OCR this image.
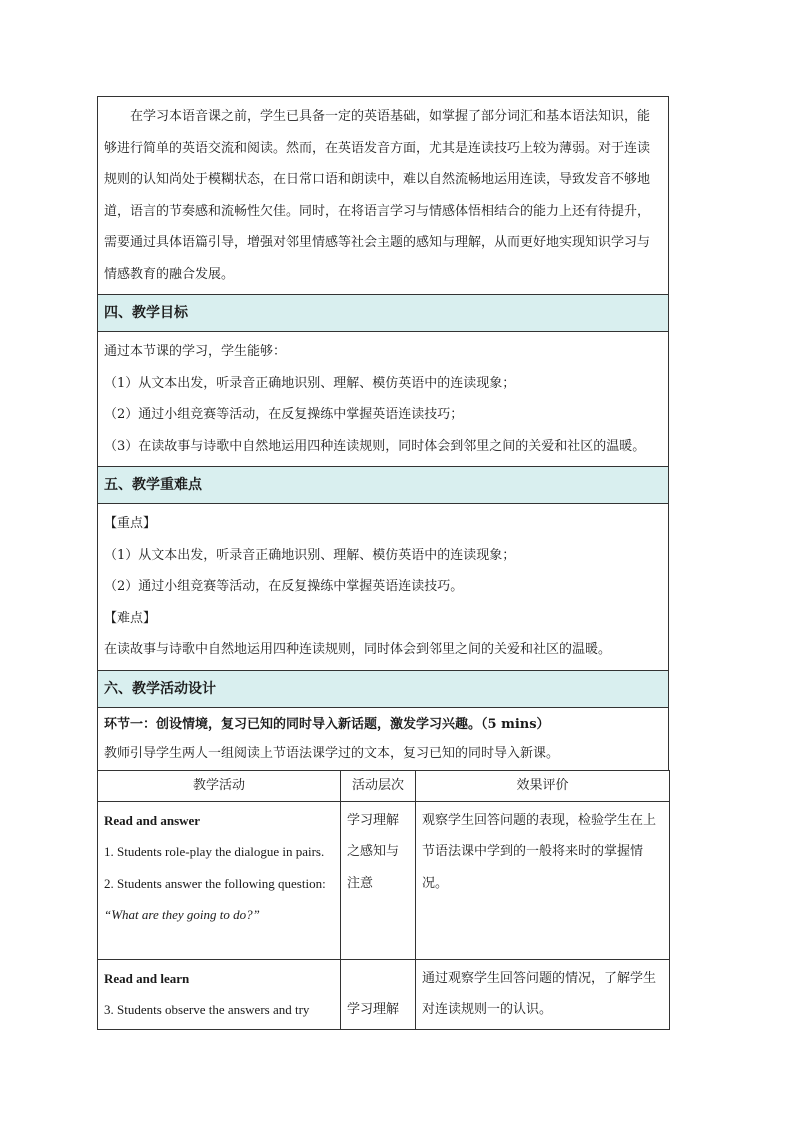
在学习本语音课之前，学生已具备一定的英语基础，如掌握了部分词汇和基本语法知识，能够进行简单的英语交流和阅读。然而，在英语发音方面，尤其是连读技巧上较为薄弱。对于连读规则的认知尚处于模糊状态，在日常口语和朗读中，难以自然流畅地运用连读，导致发音不够地道，语言的节奏感和流畅性欠佳。同时，在将语言学习与情感体悟相结合的能力上还有待提升，需要通过具体语篇引导，增强对邻里情感等社会主题的感知与理解，从而更好地实现知识学习与情感教育的融合发展。
四、教学目标
通过本节课的学习，学生能够：
（1）从文本出发，听录音正确地识别、理解、模仿英语中的连读现象；
（2）通过小组竞赛等活动，在反复操练中掌握英语连读技巧；
（3）在读故事与诗歌中自然地运用四种连读规则，同时体会到邻里之间的关爱和社区的温暖。
五、教学重难点
【重点】
（1）从文本出发，听录音正确地识别、理解、模仿英语中的连读现象；
（2）通过小组竞赛等活动，在反复操练中掌握英语连读技巧。
【难点】
在读故事与诗歌中自然地运用四种连读规则，同时体会到邻里之间的关爱和社区的温暖。
六、教学活动设计
环节一：创设情境，复习已知的同时导入新话题，激发学习兴趣。（5 mins）
教师引导学生两人一组阅读上节语法课学过的文本，复习已知的同时导入新课。
教学活动	活动层次	效果评价

Read and answer
1. Students role-play the dialogue in pairs.
2. Students answer the following question: “What are they going to do?”	学习理解之感知与注意	观察学生回答问题的表现，检验学生在上节语法课中学到的一般将来时的掌握情况。

Read and learn
3. Students observe the answers and try	学习理解	通过观察学生回答问题的情况，了解学生对连读规则一的认识。
